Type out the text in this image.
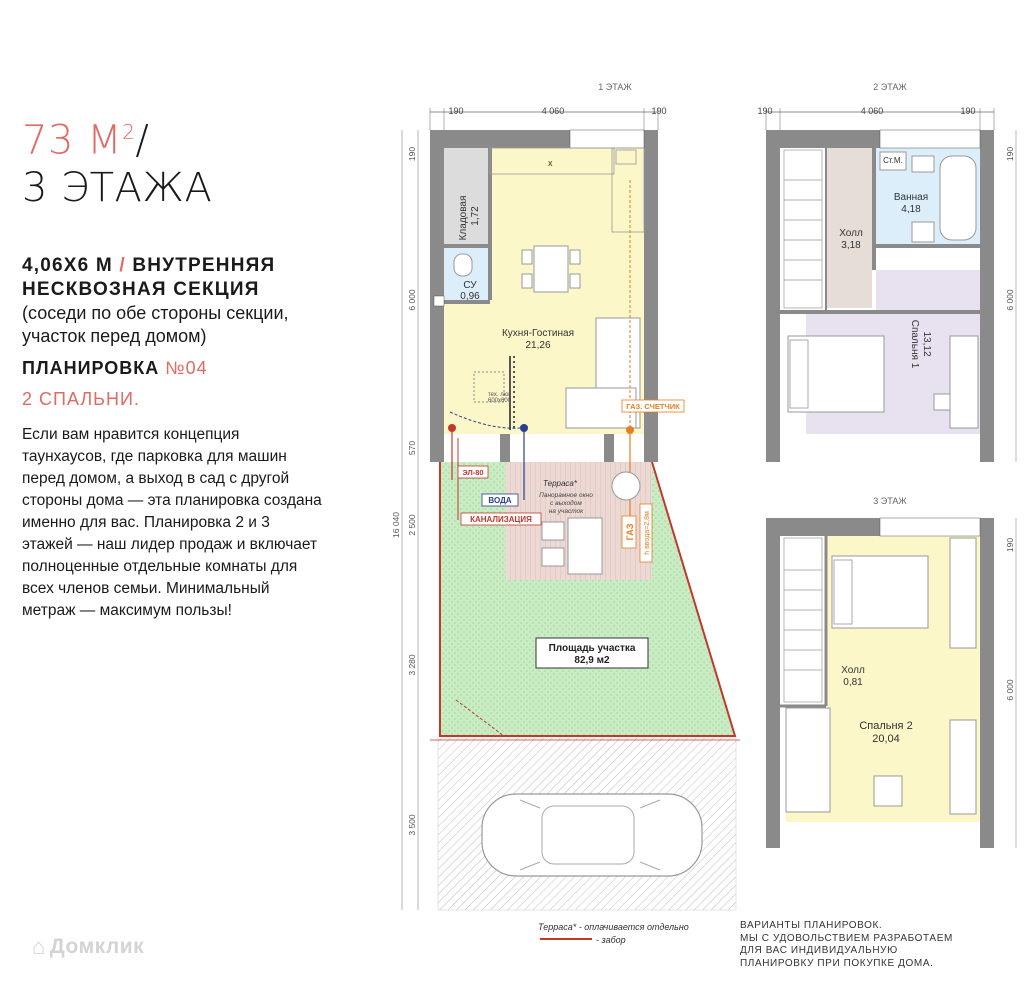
73 $М^2/$
3 ЭТАЖА
4,06Х6 М / ВНУТРЕННЯЯ НЕСКВОЗНАЯ СЕКЦИЯ
(соседи по обе стороны секции, участок перед домом)
ПЛАНИРОВКА №04
2 СПАЛЬНИ.
Если вам нравится концепция таунхаусов, где парковка для машин перед домом, а выход в сад с другой стороны дома — эта планировка создана именно для вас. Планировка 2 и 3 этажей — наш лидер продаж и включает полноценные отдельные комнаты для всех членов семьи. Минимальный метраж — максимум пользы!
⌂ Домклик
1 ЭТАЖ
190	4 060	190
190
6 000
570
2 500
16 040
3 280
3 500
x
тех. люк
600х600
Кладовая 1,72
СУ
0,96
Кухня-Гостиная
21,26
ГАЗ. СЧЕТЧИК
ЭЛ-80
ВОДА
КАНАЛИЗАЦИЯ
ГАЗ h ввода=2,8м
Терраса*
Панорамное окно
с выходом
на участок
Площадь участка
82,9 м2
2 ЭТАЖ
190	4 060	190
190
6 000
Ст.М.
Ванная
4,18
Холл
3,18
Спальня 1 13,12
3 ЭТАЖ
190
6 000
Холл
0,81
Спальня 2
20,04
Терраса* - оплачивается отдельно
- забор
ВАРИАНТЫ ПЛАНИРОВОК.
МЫ С УДОВОЛЬСТВИЕМ РАЗРАБОТАЕМ
ДЛЯ ВАС ИНДИВИДУАЛЬНУЮ
ПЛАНИРОВКУ ПРИ ПОКУПКЕ ДОМА.
